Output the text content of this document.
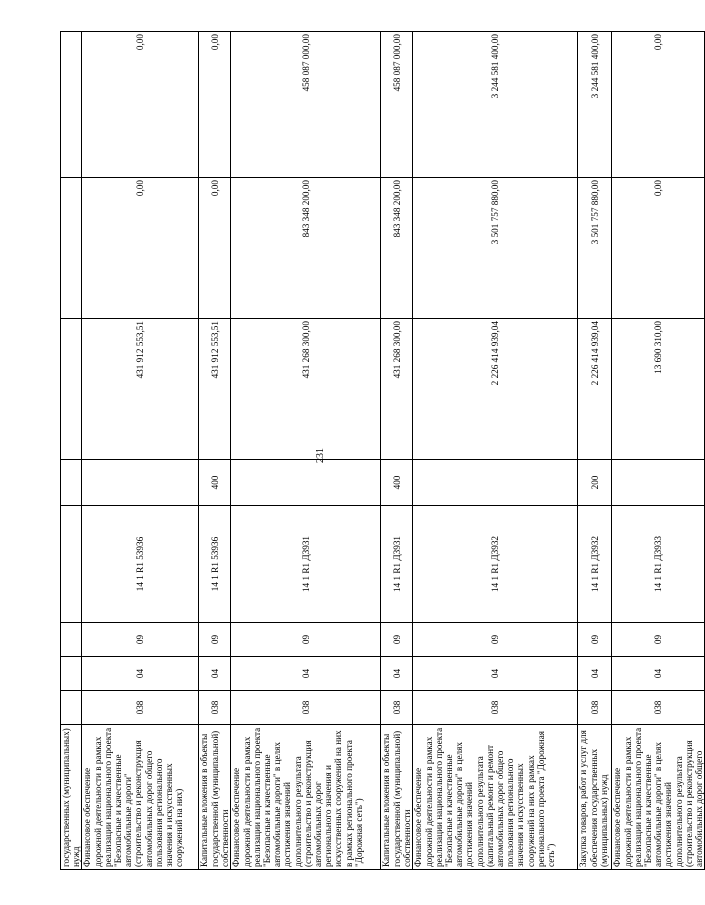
231
государственных (муниципальных) нужд								
Финансовое обеспечение дорожной деятельности в рамках реализации национального проекта "Безопасные и качественные автомобильные дороги" (строительство и реконструкция автомобильных дорог общего пользования регионального значения и искусственных сооружений на них)	038	04	09	14 1 R1 53936		431 912 553,51	0,00	0,00
Капитальные вложения в объекты государственной (муниципальной) собственности	038	04	09	14 1 R1 53936	400	431 912 553,51	0,00	0,00
Финансовое обеспечение дорожной деятельности в рамках реализации национального проекта "Безопасные и качественные автомобильные дороги" в целях достижения значений дополнительного результата (строительство и реконструкция автомобильных дорог регионального значения и искусственных сооружений на них в рамках регионального проекта "Дорожная сеть")	038	04	09	14 1 R1 Д3931		431 268 300,00	843 348 200,00	458 087 000,00
Капитальные вложения в объекты государственной (муниципальной) собственности	038	04	09	14 1 R1 Д3931	400	431 268 300,00	843 348 200,00	458 087 000,00
Финансовое обеспечение дорожной деятельности в рамках реализации национального проекта "Безопасные и качественные автомобильные дороги" в целях достижения значений дополнительного результата (капитальный ремонт и ремонт автомобильных дорог общего пользования регионального значения и искусственных сооружений на них в рамках регионального проекта "Дорожная сеть")	038	04	09	14 1 R1 Д3932		2 226 414 939,04	3 501 757 880,00	3 244 581 400,00
Закупка товаров, работ и услуг для обеспечения государственных (муниципальных) нужд	038	04	09	14 1 R1 Д3932	200	2 226 414 939,04	3 501 757 880,00	3 244 581 400,00
Финансовое обеспечение дорожной деятельности в рамках реализации национального проекта "Безопасные и качественные автомобильные дороги" в целях достижения значений дополнительного результата (строительство и реконструкция автомобильных дорог общего	038	04	09	14 1 R1 Д3933		13 690 310,00	0,00	0,00
